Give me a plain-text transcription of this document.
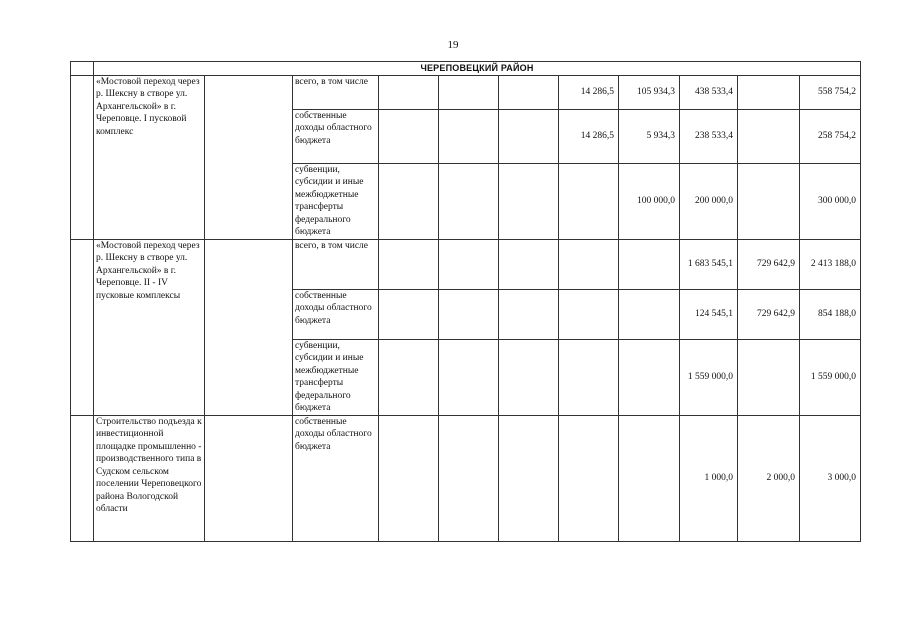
19
	ЧЕРЕПОВЕЦКИЙ РАЙОН										
	«Мостовой переход через р. Шексну в створе ул. Архангельской» в г. Череповце. I пусковой комплекс		всего, в том числе				14 286,5	105 934,3	438 533,4		558 754,2
			собственные доходы областного бюджета				14 286,5	5 934,3	238 533,4		258 754,2
			субвенции, субсидии и иные межбюджетные трансферты федерального бюджета					100 000,0	200 000,0		300 000,0
	«Мостовой переход через р. Шексну в створе ул. Архангельской» в г. Череповце. II - IV пусковые комплексы		всего, в том числе						1 683 545,1	729 642,9	2 413 188,0
			собственные доходы областного бюджета						124 545,1	729 642,9	854 188,0
			субвенции, субсидии и иные межбюджетные трансферты федерального бюджета						1 559 000,0		1 559 000,0
	Строительство подъезда к инвестиционной площадке промышленно - производственного типа в Судском сельском поселении Череповецкого района Вологодской области		собственные доходы областного бюджета						1 000,0	2 000,0	3 000,0
